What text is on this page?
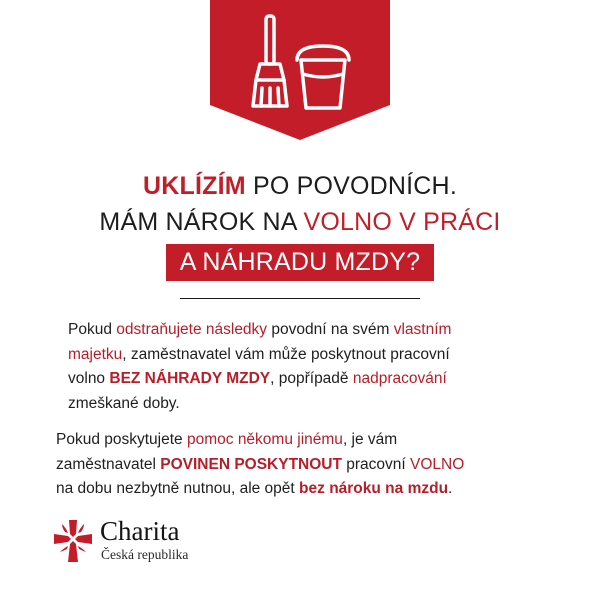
UKLÍZÍM PO POVODNÍCH.
MÁM NÁROK NA VOLNO V PRÁCI
A NÁHRADU MZDY?
Pokud odstraňujete následky povodní na svém vlastním
majetku, zaměstnavatel vám může poskytnout pracovní
volno BEZ NÁHRADY MZDY, popřípadě nadpracování
zmeškané doby.
Pokud poskytujete pomoc někomu jinému, je vám
zaměstnavatel POVINEN POSKYTNOUT pracovní VOLNO
na dobu nezbytně nutnou, ale opět bez nároku na mzdu.
Charita
Česká republika
